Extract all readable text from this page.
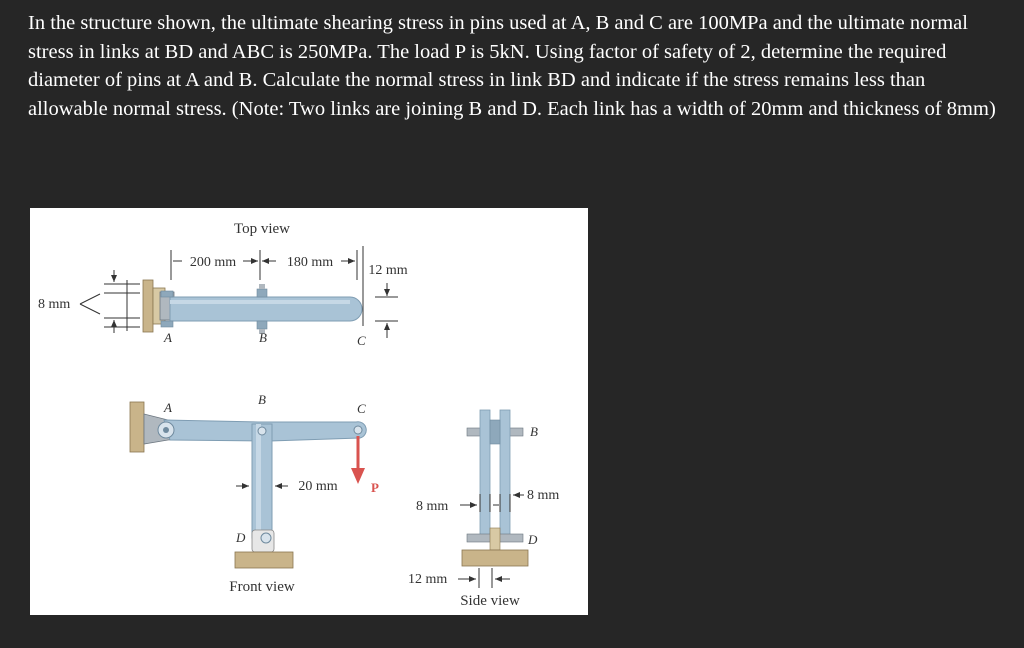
In the structure shown, the ultimate shearing stress in pins used at A, B and C are 100MPa and the ultimate normal stress in links at BD and ABC is 250MPa. The load P is 5kN. Using factor of safety of 2, determine the required diameter of pins at A and B. Calculate the normal stress in link BD and indicate if the stress remains less than allowable normal stress. (Note: Two links are joining B and D. Each link has a width of 20mm and thickness of 8mm)
Top view
200 mm	180 mm
12 mm
8 mm
A	B	C
20 mm	P
A
B
C
D
Front view
B
D
8 mm
8 mm
12 mm
Side view
